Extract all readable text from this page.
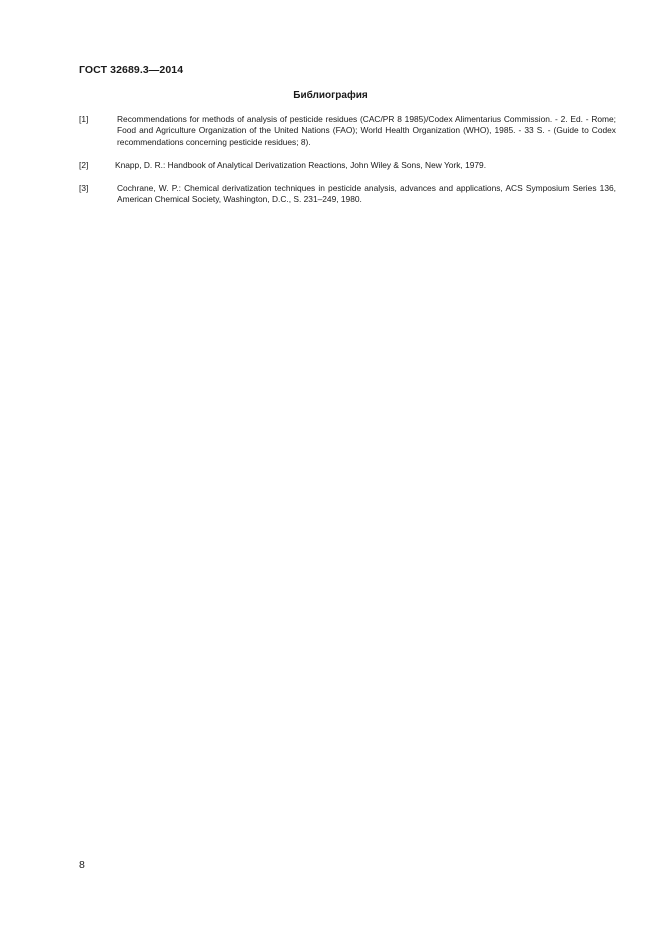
ГОСТ 32689.3—2014
Библиография
[1]	Recommendations for methods of analysis of pesticide residues (CAC/PR 8 1985)/Codex Alimentarius Commission. - 2. Ed. - Rome; Food and Agriculture Organization of the United Nations (FAO); World Health Organization (WHO), 1985. - 33 S. - (Guide to Codex recommendations concerning pesticide residues; 8).
[2]	Knapp, D. R.: Handbook of Analytical Derivatization Reactions, John Wiley & Sons, New York, 1979.
[3]	Cochrane, W. P.: Chemical derivatization techniques in pesticide analysis, advances and applications, ACS Symposium Series 136, American Chemical Society, Washington, D.C., S. 231–249, 1980.
8
